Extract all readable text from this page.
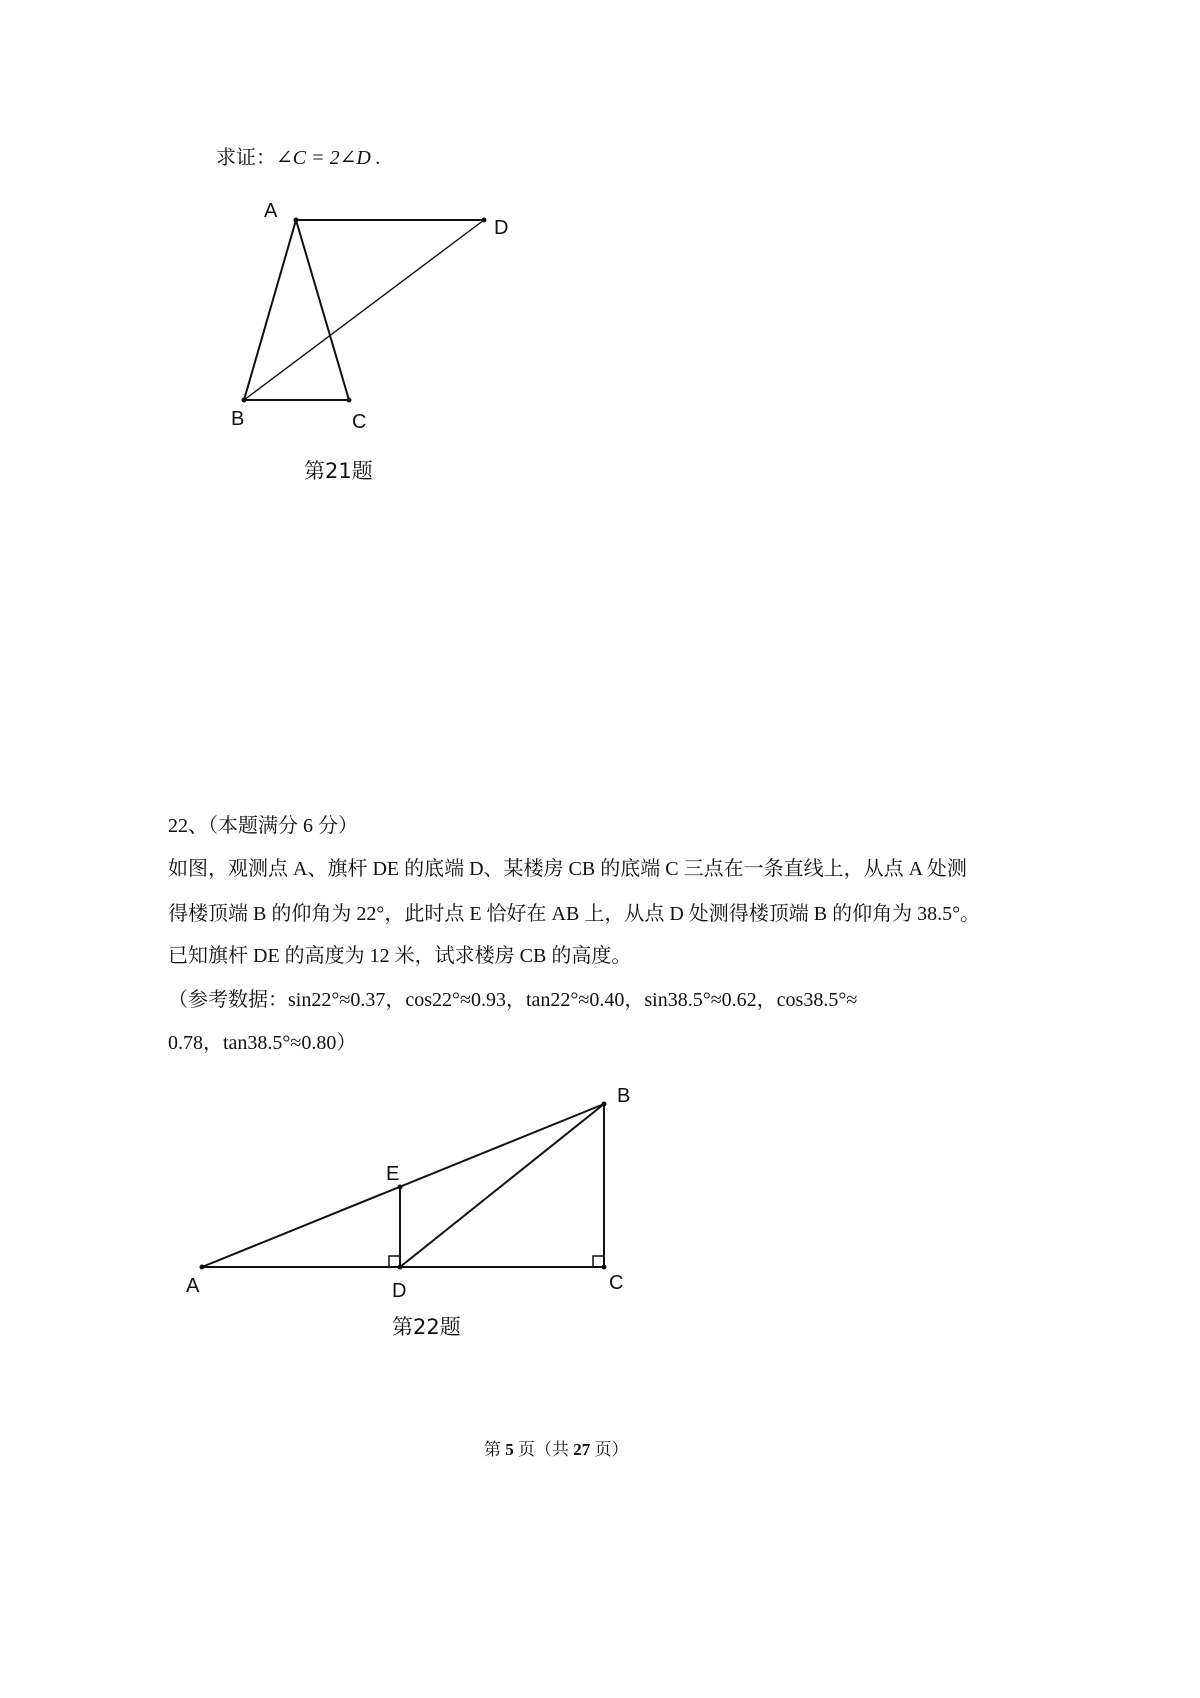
求证：∠C = 2∠D .
A
D
B	C
第21题
22、（本题满分 6 分）
如图，观测点 A、旗杆 DE 的底端 D、某楼房 CB 的底端 C 三点在一条直线上，从点 A 处测
得楼顶端 B 的仰角为 22°，此时点 E 恰好在 AB 上，从点 D 处测得楼顶端 B 的仰角为 38.5°。
已知旗杆 DE 的高度为 12 米，试求楼房 CB 的高度。
（参考数据：sin22°≈0.37，cos22°≈0.93，tan22°≈0.40，sin38.5°≈0.62，cos38.5°≈
0.78，tan38.5°≈0.80）
B
E
A	D	C
第22题
第 5 页（共 27 页）
